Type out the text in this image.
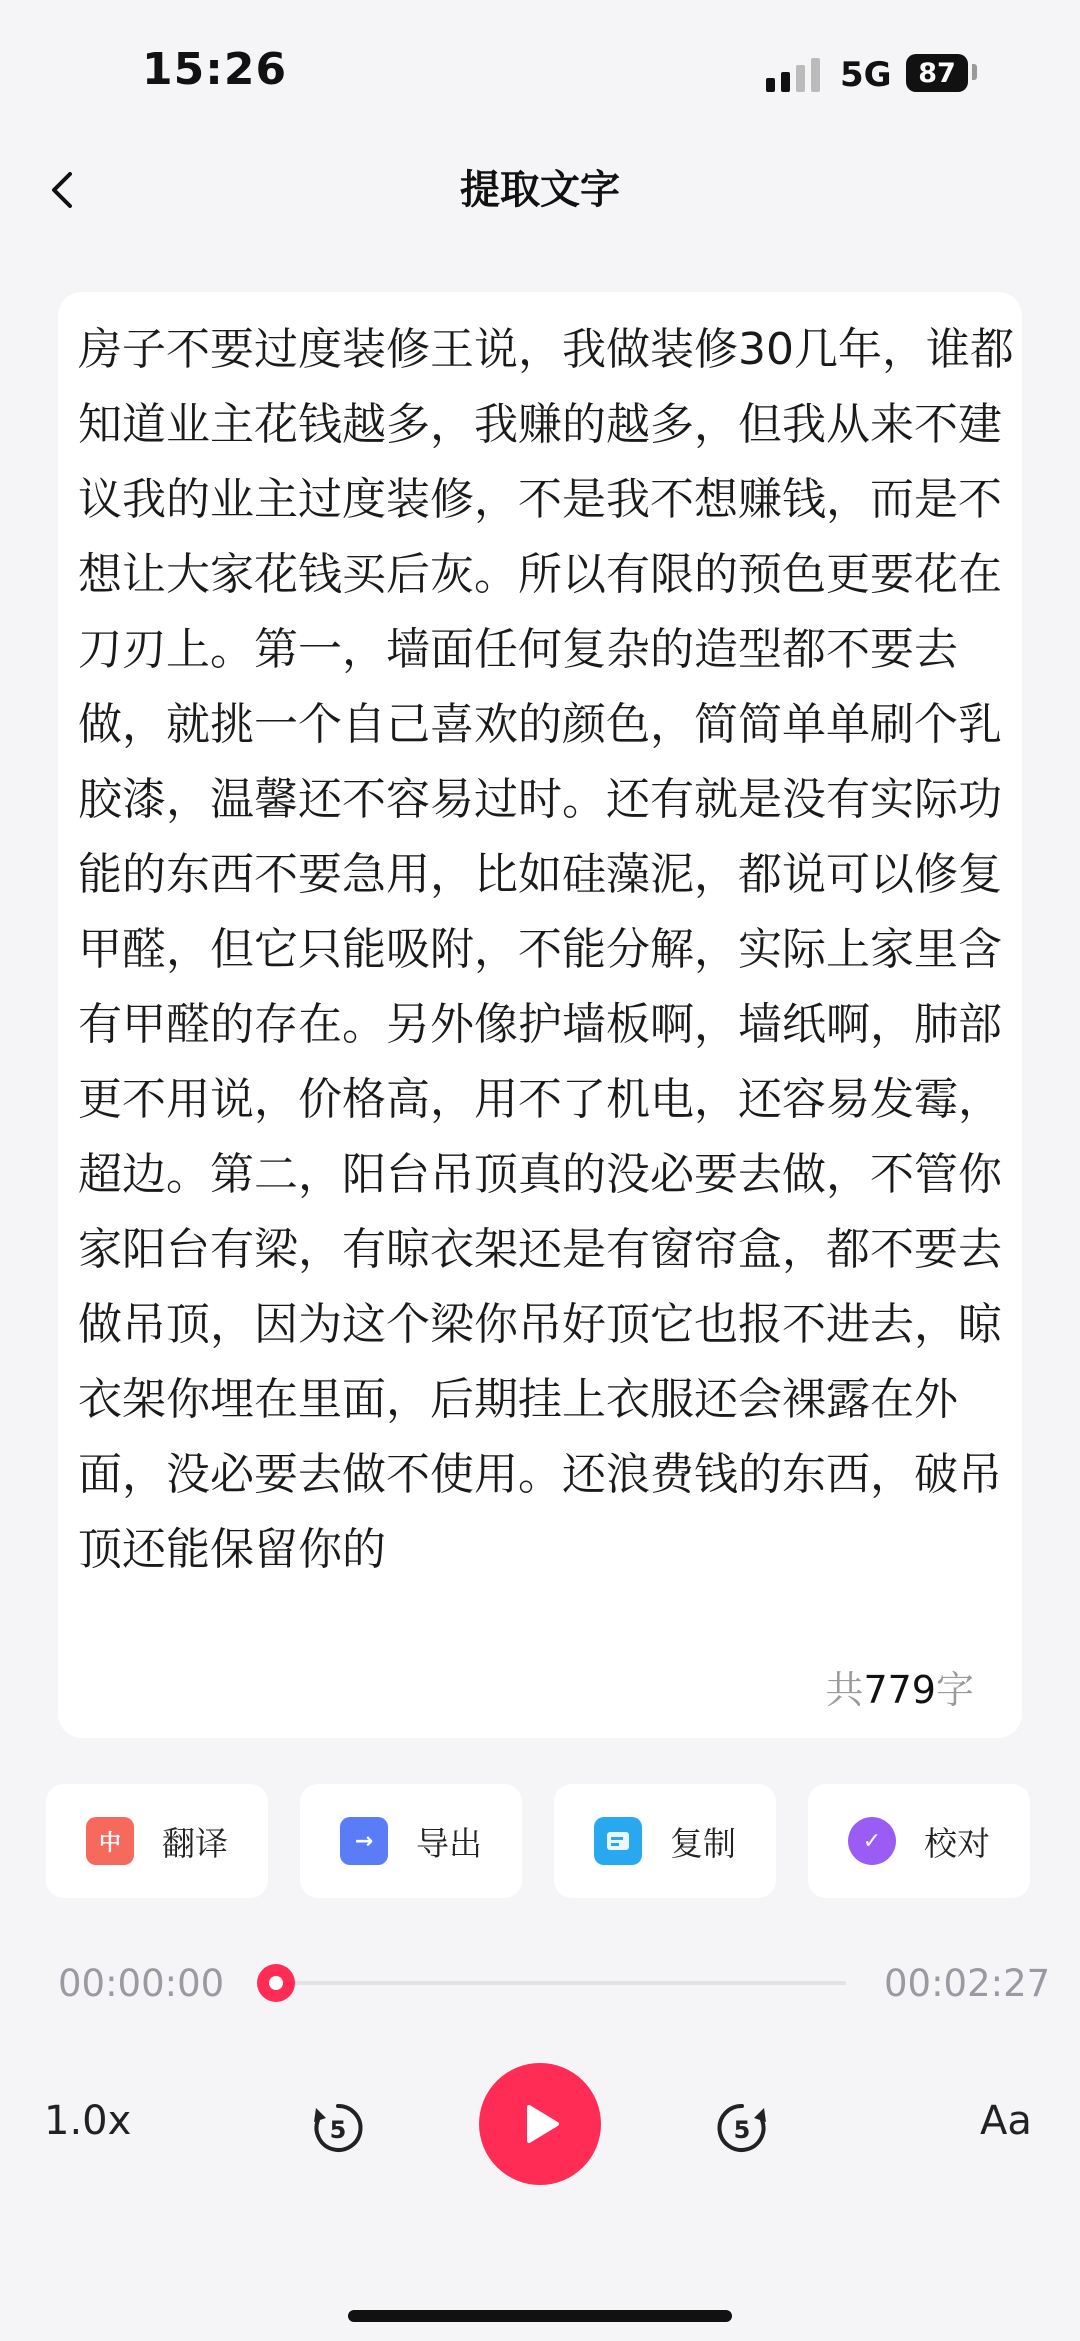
15:26	5G 87
提取文字
房子不要过度装修王说，我做装修30几年，谁都知道业主花钱越多，我赚的越多，但我从来不建议我的业主过度装修，不是我不想赚钱，而是不想让大家花钱买后灰。所以有限的预色更要花在刀刃上。第一，墙面任何复杂的造型都不要去做，就挑一个自己喜欢的颜色，简简单单刷个乳胶漆，温馨还不容易过时。还有就是没有实际功能的东西不要急用，比如硅藻泥，都说可以修复甲醛，但它只能吸附，不能分解，实际上家里含有甲醛的存在。另外像护墙板啊，墙纸啊，肺部更不用说，价格高，用不了机电，还容易发霉，超边。第二，阳台吊顶真的没必要去做，不管你家阳台有梁，有晾衣架还是有窗帘盒，都不要去做吊顶，因为这个梁你吊好顶它也报不进去，晾衣架你埋在里面，后期挂上衣服还会裸露在外面，没必要去做不使用。还浪费钱的东西，破吊顶还能保留你的
共779字
中	翻译	→	导出	复制	✓	校对
00:00:00	00:02:27
1.0x	5	5	Aa
